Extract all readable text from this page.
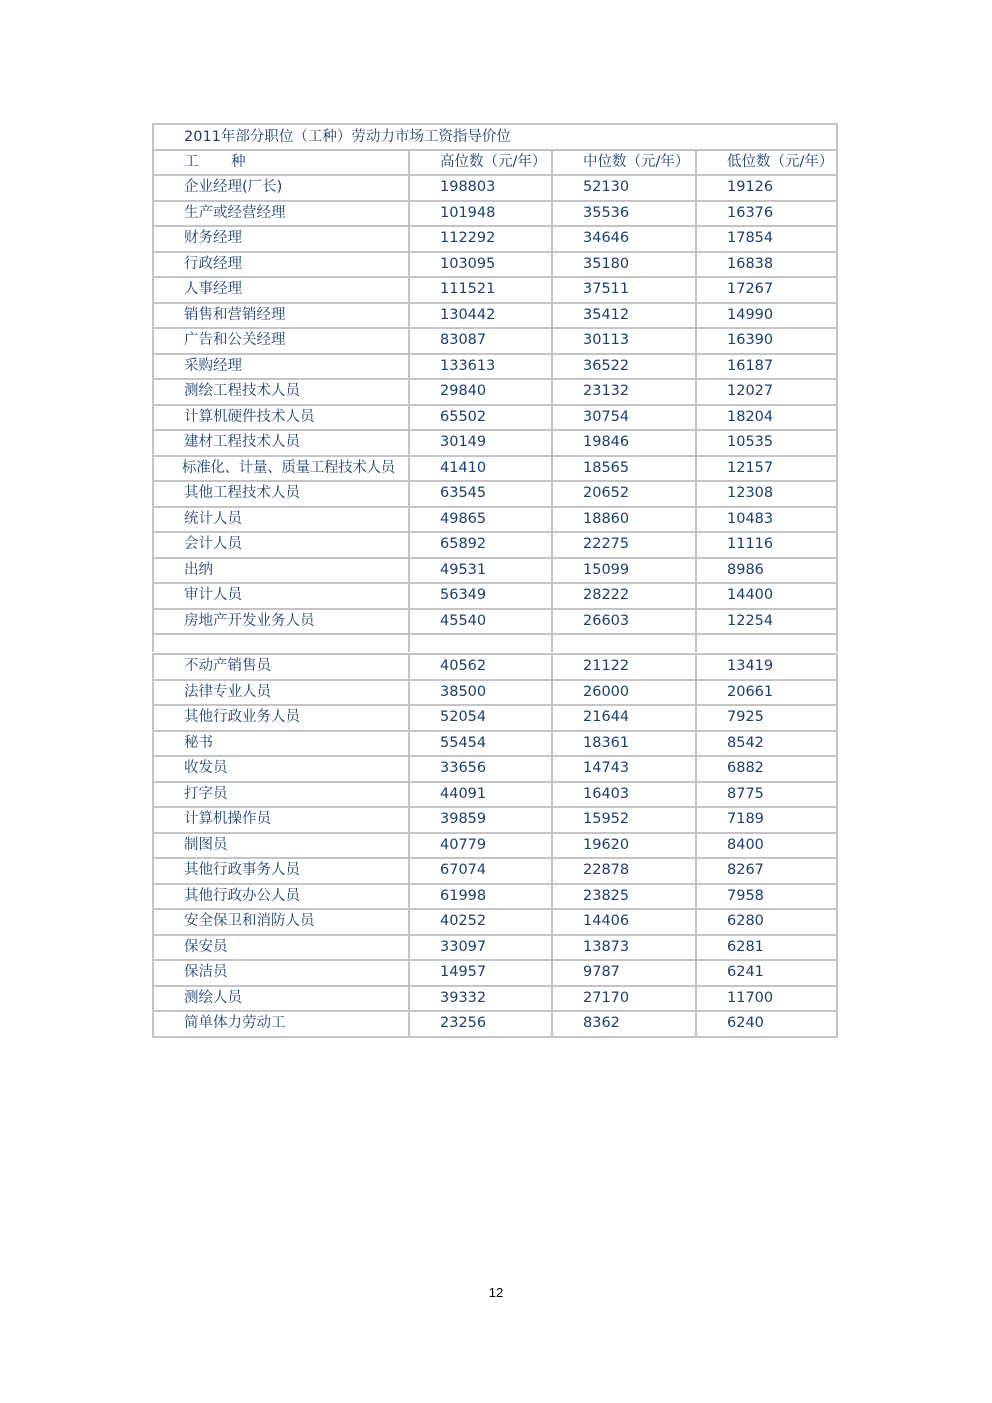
2011年部分职位（工种）劳动力市场工资指导价位
工 种	高位数（元/年）	中位数（元/年）	低位数（元/年）
企业经理(厂长)	198803	52130	19126
生产或经营经理	101948	35536	16376
财务经理	112292	34646	17854
行政经理	103095	35180	16838
人事经理	111521	37511	17267
销售和营销经理	130442	35412	14990
广告和公关经理	83087	30113	16390
采购经理	133613	36522	16187
测绘工程技术人员	29840	23132	12027
计算机硬件技术人员	65502	30754	18204
建材工程技术人员	30149	19846	10535
标准化、计量、质量工程技术人员	41410	18565	12157
其他工程技术人员	63545	20652	12308
统计人员	49865	18860	10483
会计人员	65892	22275	11116
出纳	49531	15099	8986
审计人员	56349	28222	14400
房地产开发业务人员	45540	26603	12254
不动产销售员	40562	21122	13419
法律专业人员	38500	26000	20661
其他行政业务人员	52054	21644	7925
秘书	55454	18361	8542
收发员	33656	14743	6882
打字员	44091	16403	8775
计算机操作员	39859	15952	7189
制图员	40779	19620	8400
其他行政事务人员	67074	22878	8267
其他行政办公人员	61998	23825	7958
安全保卫和消防人员	40252	14406	6280
保安员	33097	13873	6281
保洁员	14957	9787	6241
测绘人员	39332	27170	11700
简单体力劳动工	23256	8362	6240
12
